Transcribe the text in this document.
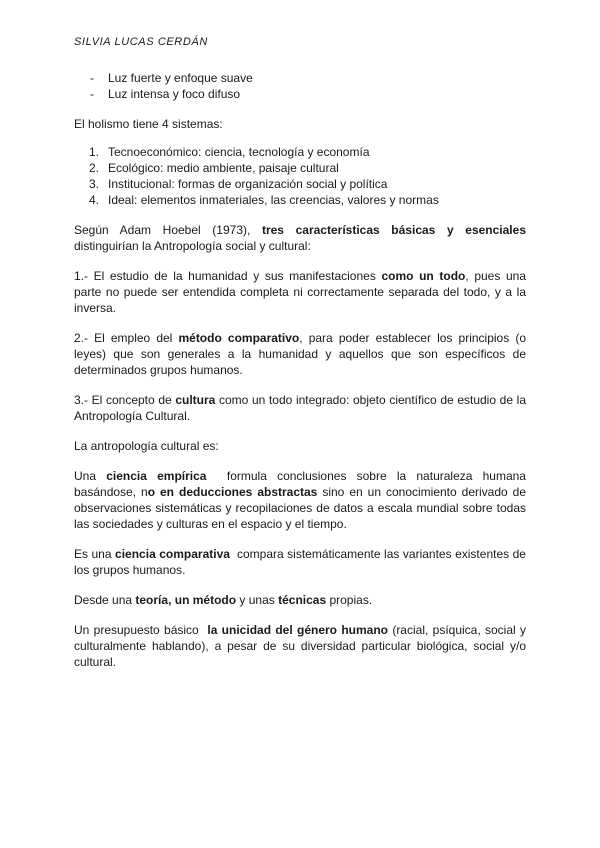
SILVIA LUCAS CERDÁN
- Luz fuerte y enfoque suave
- Luz intensa y foco difuso

El holismo tiene 4 sistemas:

1. Tecnoeconómico: ciencia, tecnología y economía
2. Ecológico: medio ambiente, paisaje cultural
3. Institucional: formas de organización social y política
4. Ideal: elementos inmateriales, las creencias, valores y normas

Según Adam Hoebel (1973), tres características básicas y esenciales distinguirían la Antropología social y cultural:

1.- El estudio de la humanidad y sus manifestaciones como un todo, pues una parte no puede ser entendida completa ni correctamente separada del todo, y a la inversa.

2.- El empleo del método comparativo, para poder establecer los principios (o leyes) que son generales a la humanidad y aquellos que son específicos de determinados grupos humanos.

3.- El concepto de cultura como un todo integrado: objeto científico de estudio de la Antropología Cultural.

La antropología cultural es:

Una ciencia empírica  formula conclusiones sobre la naturaleza humana basándose, no en deducciones abstractas sino en un conocimiento derivado de observaciones sistemáticas y recopilaciones de datos a escala mundial sobre todas las sociedades y culturas en el espacio y el tiempo.

Es una ciencia comparativa  compara sistemáticamente las variantes existentes de los grupos humanos.

Desde una teoría, un método y unas técnicas propias.

Un presupuesto básico  la unicidad del género humano (racial, psíquica, social y culturalmente hablando), a pesar de su diversidad particular biológica, social y/o cultural.
